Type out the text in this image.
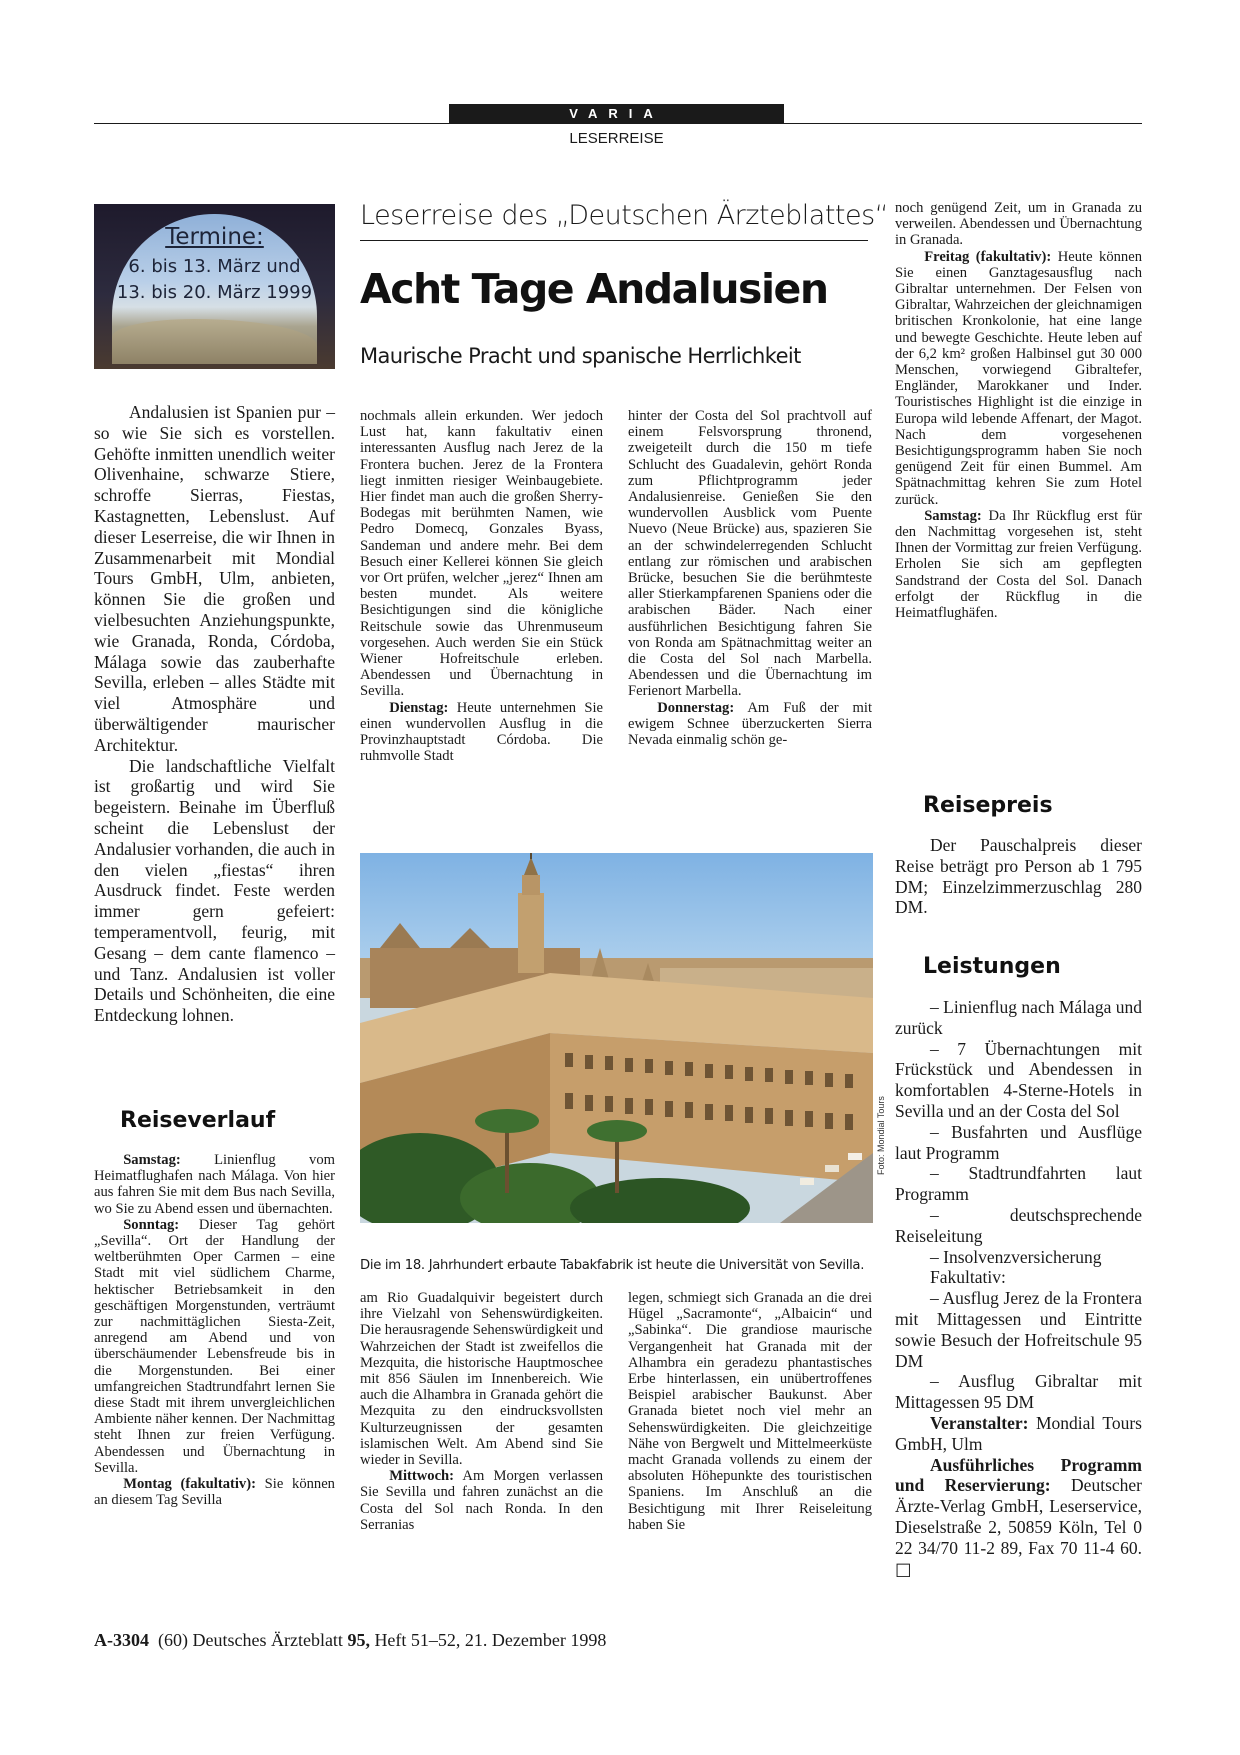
VARIA
LESERREISE
Termine:
6. bis 13. März und
13. bis 20. März 1999
Leserreise des „Deutschen Ärzteblattes“
Acht Tage Andalusien
Maurische Pracht und spanische Herrlichkeit

Andalusien ist Spanien pur – so wie Sie sich es vorstellen. Gehöfte inmitten unendlich weiter Olivenhaine, schwarze Stiere, schroffe Sierras, Fiestas, Kastagnetten, Lebenslust. Auf dieser Leserreise, die wir Ihnen in Zusammenarbeit mit Mondial Tours GmbH, Ulm, anbieten, können Sie die großen und vielbesuchten Anziehungspunkte, wie Granada, Ronda, Córdoba, Málaga sowie das zauberhafte Sevilla, erleben – alles Städte mit viel Atmosphäre und überwältigender maurischer Architektur.

Die landschaftliche Vielfalt ist großartig und wird Sie begeistern. Beinahe im Überfluß scheint die Lebenslust der Andalusier vorhanden, die auch in den vielen „fiestas“ ihren Ausdruck findet. Feste werden immer gern gefeiert: temperamentvoll, feurig, mit Gesang – dem cante flamenco – und Tanz. Andalusien ist voller Details und Schönheiten, die eine Entdeckung lohnen.

Reiseverlauf

Samstag: Linienflug vom Heimatflughafen nach Málaga. Von hier aus fahren Sie mit dem Bus nach Sevilla, wo Sie zu Abend essen und übernachten.

Sonntag: Dieser Tag gehört „Sevilla“. Ort der Handlung der weltberühmten Oper Carmen – eine Stadt mit viel südlichem Charme, hektischer Betriebsamkeit in den geschäftigen Morgenstunden, verträumt zur nachmittäglichen Siesta-Zeit, anregend am Abend und von überschäumender Lebensfreude bis in die Morgenstunden. Bei einer umfangreichen Stadtrundfahrt lernen Sie diese Stadt mit ihrem unvergleichlichen Ambiente näher kennen. Der Nachmittag steht Ihnen zur freien Verfügung. Abendessen und Übernachtung in Sevilla.

Montag (fakultativ): Sie können an diesem Tag Sevilla

nochmals allein erkunden. Wer jedoch Lust hat, kann fakultativ einen interessanten Ausflug nach Jerez de la Frontera buchen. Jerez de la Frontera liegt inmitten riesiger Weinbaugebiete. Hier findet man auch die großen Sherry-Bodegas mit berühmten Namen, wie Pedro Domecq, Gonzales Byass, Sandeman und andere mehr. Bei dem Besuch einer Kellerei können Sie gleich vor Ort prüfen, welcher „jerez“ Ihnen am besten mundet. Als weitere Besichtigungen sind die königliche Reitschule sowie das Uhrenmuseum vorgesehen. Auch werden Sie ein Stück Wiener Hofreitschule erleben. Abendessen und Übernachtung in Sevilla.

Dienstag: Heute unternehmen Sie einen wundervollen Ausflug in die Provinzhauptstadt Córdoba. Die ruhmvolle Stadt

hinter der Costa del Sol prachtvoll auf einem Felsvorsprung thronend, zweigeteilt durch die 150 m tiefe Schlucht des Guadalevin, gehört Ronda zum Pflichtprogramm jeder Andalusienreise. Genießen Sie den wundervollen Ausblick vom Puente Nuevo (Neue Brücke) aus, spazieren Sie an der schwindelerregenden Schlucht entlang zur römischen und arabischen Brücke, besuchen Sie die berühmteste aller Stierkampfarenen Spaniens oder die arabischen Bäder. Nach einer ausführlichen Besichtigung fahren Sie von Ronda am Spätnachmittag weiter an die Costa del Sol nach Marbella. Abendessen und die Übernachtung im Ferienort Marbella.

Donnerstag: Am Fuß der mit ewigem Schnee überzuckerten Sierra Nevada einmalig schön ge-

Foto: Mondial Tours
Die im 18. Jahrhundert erbaute Tabakfabrik ist heute die Universität von Sevilla.

am Rio Guadalquivir begeistert durch ihre Vielzahl von Sehenswürdigkeiten. Die herausragende Sehenswürdigkeit und Wahrzeichen der Stadt ist zweifellos die Mezquita, die historische Hauptmoschee mit 856 Säulen im Innenbereich. Wie auch die Alhambra in Granada gehört die Mezquita zu den eindrucksvollsten Kulturzeugnissen der gesamten islamischen Welt. Am Abend sind Sie wieder in Sevilla.

Mittwoch: Am Morgen verlassen Sie Sevilla und fahren zunächst an die Costa del Sol nach Ronda. In den Serranias

legen, schmiegt sich Granada an die drei Hügel „Sacramonte“, „Albaicin“ und „Sabinka“. Die grandiose maurische Vergangenheit hat Granada mit der Alhambra ein geradezu phantastisches Erbe hinterlassen, ein unübertroffenes Beispiel arabischer Baukunst. Aber Granada bietet noch viel mehr an Sehenswürdigkeiten. Die gleichzeitige Nähe von Bergwelt und Mittelmeerküste macht Granada vollends zu einem der absoluten Höhepunkte des touristischen Spaniens. Im Anschluß an die Besichtigung mit Ihrer Reiseleitung haben Sie

noch genügend Zeit, um in Granada zu verweilen. Abendessen und Übernachtung in Granada.

Freitag (fakultativ): Heute können Sie einen Ganztagesausflug nach Gibraltar unternehmen. Der Felsen von Gibraltar, Wahrzeichen der gleichnamigen britischen Kronkolonie, hat eine lange und bewegte Geschichte. Heute leben auf der 6,2 km² großen Halbinsel gut 30 000 Menschen, vorwiegend Gibraltefer, Engländer, Marokkaner und Inder. Touristisches Highlight ist die einzige in Europa wild lebende Affenart, der Magot. Nach dem vorgesehenen Besichtigungsprogramm haben Sie noch genügend Zeit für einen Bummel. Am Spätnachmittag kehren Sie zum Hotel zurück.

Samstag: Da Ihr Rückflug erst für den Nachmittag vorgesehen ist, steht Ihnen der Vormittag zur freien Verfügung. Erholen Sie sich am gepflegten Sandstrand der Costa del Sol. Danach erfolgt der Rückflug in die Heimatflughäfen.

Reisepreis

Der Pauschalpreis dieser Reise beträgt pro Person ab 1 795 DM; Einzelzimmerzuschlag 280 DM.

Leistungen

– Linienflug nach Málaga und zurück

– 7 Übernachtungen mit Frückstück und Abendessen in komfortablen 4-Sterne-Hotels in Sevilla und an der Costa del Sol

– Busfahrten und Ausflüge laut Programm

– Stadtrundfahrten laut Programm

– deutschsprechende Reiseleitung

– Insolvenzversicherung

Fakultativ:

– Ausflug Jerez de la Frontera mit Mittagessen und Eintritte sowie Besuch der Hofreitschule 95 DM

– Ausflug Gibraltar mit Mittagessen 95 DM

Veranstalter: Mondial Tours GmbH, Ulm

Ausführliches Programm und Reservierung: Deutscher Ärzte-Verlag GmbH, Leserservice, Dieselstraße 2, 50859 Köln, Tel 0 22 34/70 11-2 89, Fax 70 11-4 60. □

A-3304  (60) Deutsches Ärzteblatt 95, Heft 51–52, 21. Dezember 1998
